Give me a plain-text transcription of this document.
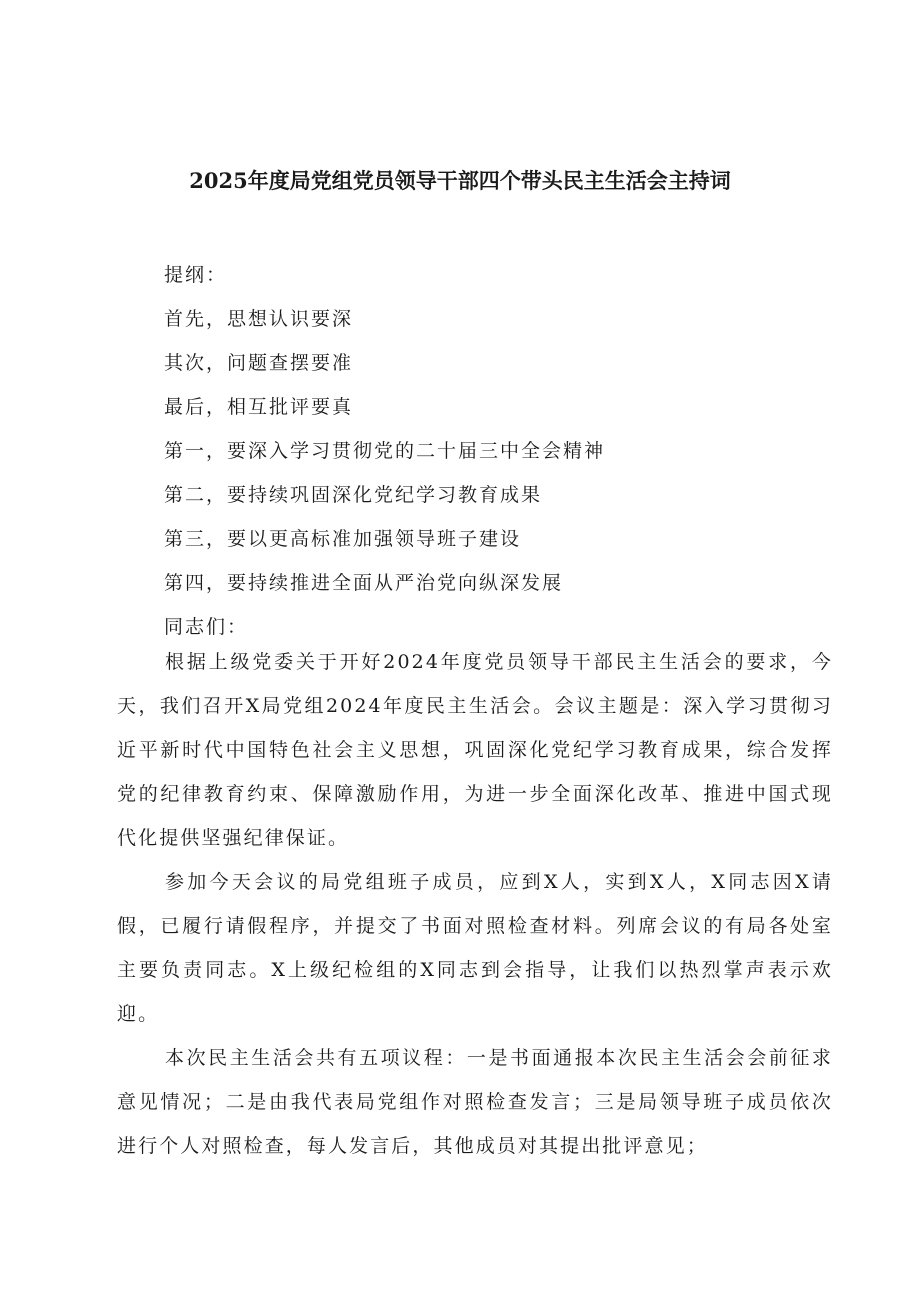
2025年度局党组党员领导干部四个带头民主生活会主持词
提纲：
首先，思想认识要深
其次，问题查摆要准
最后，相互批评要真
第一，要深入学习贯彻党的二十届三中全会精神
第二，要持续巩固深化党纪学习教育成果
第三，要以更高标准加强领导班子建设
第四，要持续推进全面从严治党向纵深发展
同志们：

根据上级党委关于开好2024年度党员领导干部民主生活会的要求，今天，我们召开X局党组2024年度民主生活会。会议主题是：深入学习贯彻习近平新时代中国特色社会主义思想，巩固深化党纪学习教育成果，综合发挥党的纪律教育约束、保障激励作用，为进一步全面深化改革、推进中国式现代化提供坚强纪律保证。

参加今天会议的局党组班子成员，应到X人，实到X人，X同志因X请假，已履行请假程序，并提交了书面对照检查材料。列席会议的有局各处室主要负责同志。X上级纪检组的X同志到会指导，让我们以热烈掌声表示欢迎。

本次民主生活会共有五项议程：一是书面通报本次民主生活会会前征求意见情况；二是由我代表局党组作对照检查发言；三是局领导班子成员依次进行个人对照检查，每人发言后，其他成员对其提出批评意见；
